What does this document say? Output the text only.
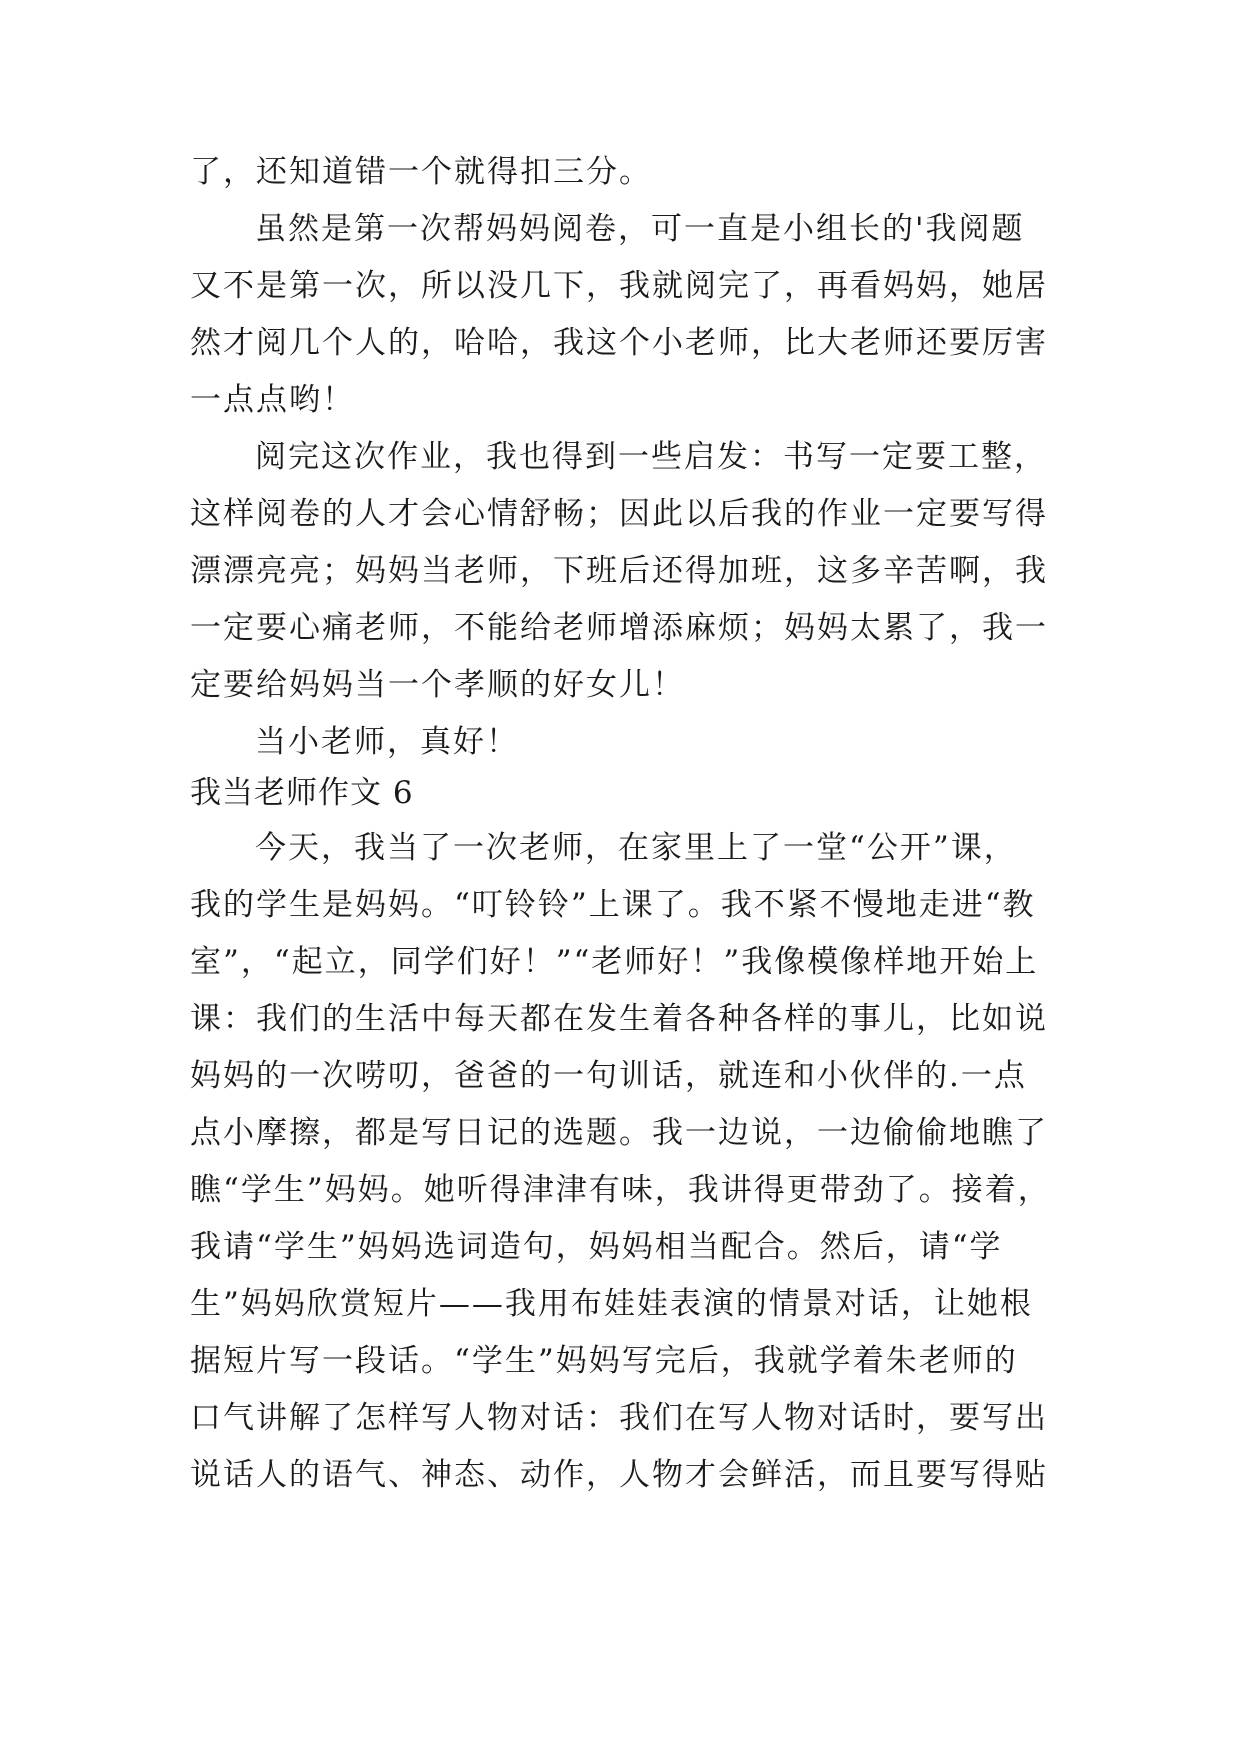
了，还知道错一个就得扣三分。
虽然是第一次帮妈妈阅卷，可一直是小组长的'我阅题
又不是第一次，所以没几下，我就阅完了，再看妈妈，她居
然才阅几个人的，哈哈，我这个小老师，比大老师还要厉害
一点点哟！
阅完这次作业，我也得到一些启发：书写一定要工整，
这样阅卷的人才会心情舒畅；因此以后我的作业一定要写得
漂漂亮亮；妈妈当老师，下班后还得加班，这多辛苦啊，我
一定要心痛老师，不能给老师增添麻烦；妈妈太累了，我一
定要给妈妈当一个孝顺的好女儿！
当小老师，真好！
我当老师作文 6
今天，我当了一次老师，在家里上了一堂“公开”课，
我的学生是妈妈。“叮铃铃”上课了。我不紧不慢地走进“教
室”，“起立，同学们好！”“老师好！”我像模像样地开始上
课：我们的生活中每天都在发生着各种各样的事儿，比如说
妈妈的一次唠叨，爸爸的一句训话，就连和小伙伴的.一点
点小摩擦，都是写日记的选题。我一边说，一边偷偷地瞧了
瞧“学生”妈妈。她听得津津有味，我讲得更带劲了。接着，
我请“学生”妈妈选词造句，妈妈相当配合。然后，请“学
生”妈妈欣赏短片——我用布娃娃表演的情景对话，让她根
据短片写一段话。“学生”妈妈写完后，我就学着朱老师的
口气讲解了怎样写人物对话：我们在写人物对话时，要写出
说话人的语气、神态、动作，人物才会鲜活，而且要写得贴
